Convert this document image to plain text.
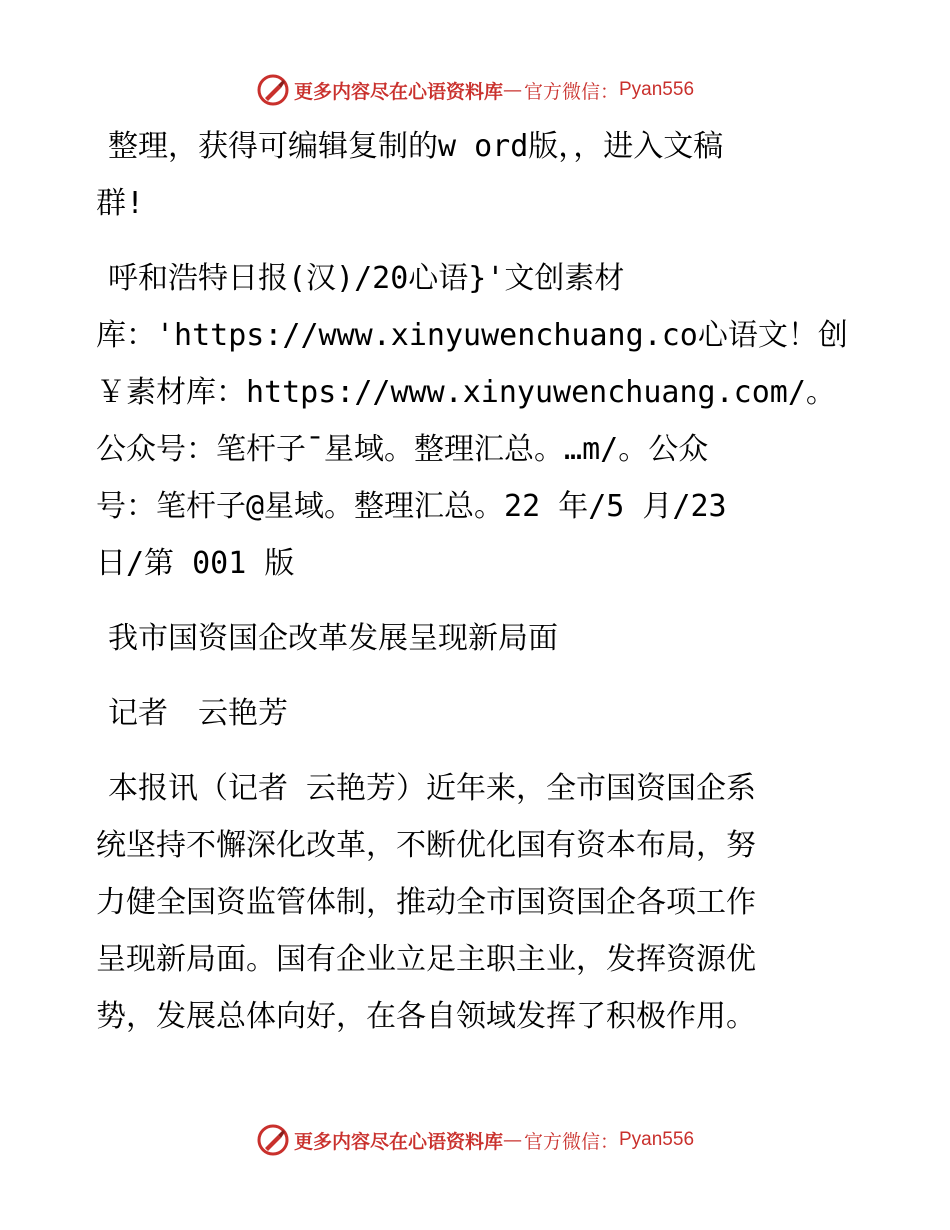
更多内容尽在心语资料库 — 官方微信： Pyan556

整理，获得可编辑复制的w ord版，，进入文稿

群!

呼和浩特日报(汉)/20心语}'文创素材

库：'https://www.xinyuwenchuang.co心语文！创

￥素材库：https://www.xinyuwenchuang.com/。

公众号：笔杆子¯星域。整理汇总。…m/。公众

号：笔杆子@星域。整理汇总。22 年/5 月/23

日/第 001 版

我市国资国企改革发展呈现新局面

记者　云艳芳

本报讯（记者 云艳芳）近年来，全市国资国企系

统坚持不懈深化改革，不断优化国有资本布局，努

力健全国资监管体制，推动全市国资国企各项工作

呈现新局面。国有企业立足主职主业，发挥资源优

势，发展总体向好，在各自领域发挥了积极作用。

更多内容尽在心语资料库 — 官方微信： Pyan556
